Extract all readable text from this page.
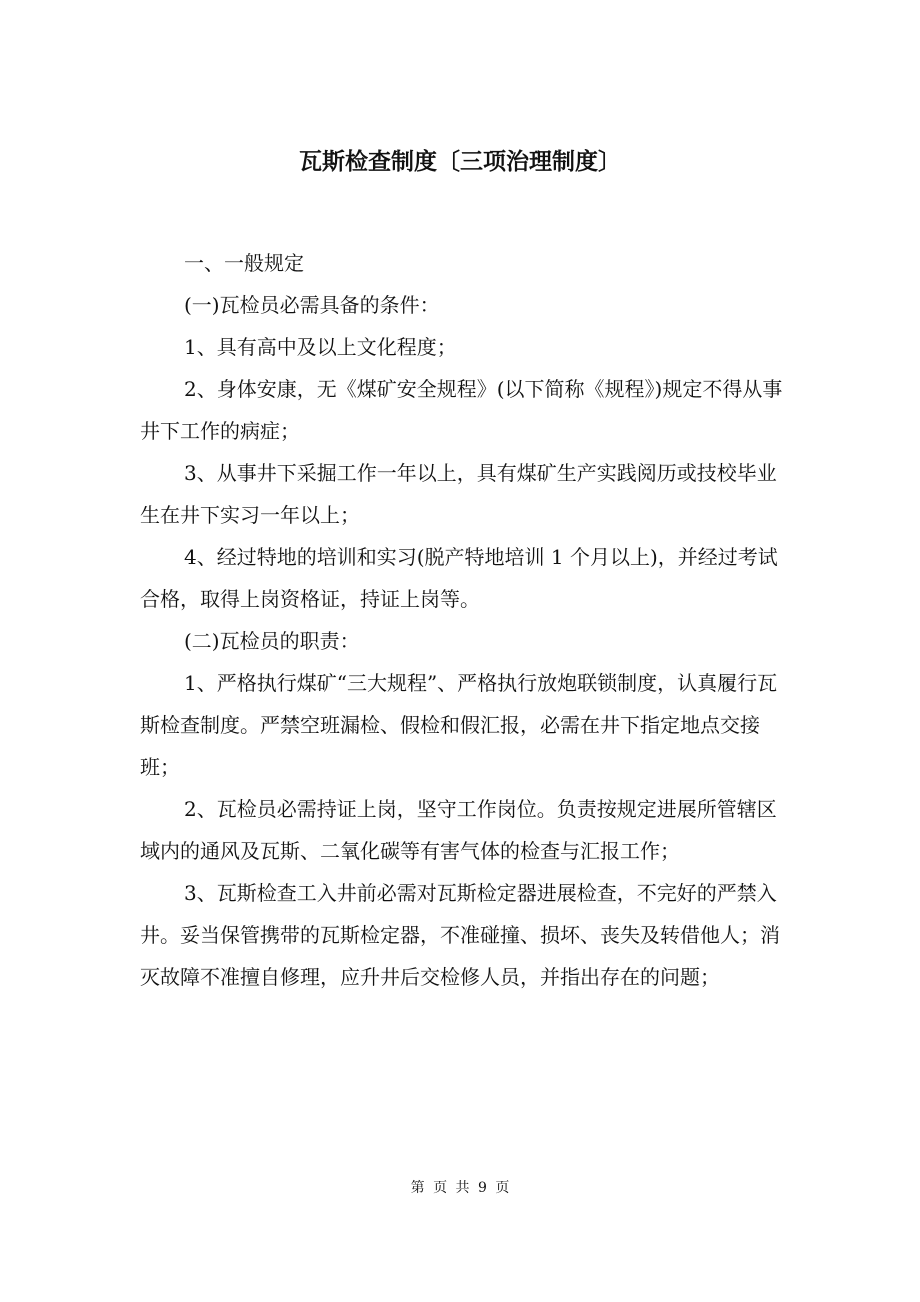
瓦斯检查制度〔三项治理制度〕

一、一般规定

(一)瓦检员必需具备的条件：

1、具有高中及以上文化程度；

2、身体安康，无《煤矿安全规程》(以下简称《规程》)规定不得从事井下工作的病症；

3、从事井下采掘工作一年以上，具有煤矿生产实践阅历或技校毕业生在井下实习一年以上；

4、经过特地的培训和实习(脱产特地培训 1 个月以上)，并经过考试合格，取得上岗资格证，持证上岗等。

(二)瓦检员的职责：

1、严格执行煤矿“三大规程”、严格执行放炮联锁制度，认真履行瓦斯检查制度。严禁空班漏检、假检和假汇报，必需在井下指定地点交接班；

2、瓦检员必需持证上岗，坚守工作岗位。负责按规定进展所管辖区域内的通风及瓦斯、二氧化碳等有害气体的检查与汇报工作；

3、瓦斯检查工入井前必需对瓦斯检定器进展检查，不完好的严禁入井。妥当保管携带的瓦斯检定器，不准碰撞、损坏、丧失及转借他人；消灭故障不准擅自修理，应升井后交检修人员，并指出存在的问题；

第 页 共 9 页
